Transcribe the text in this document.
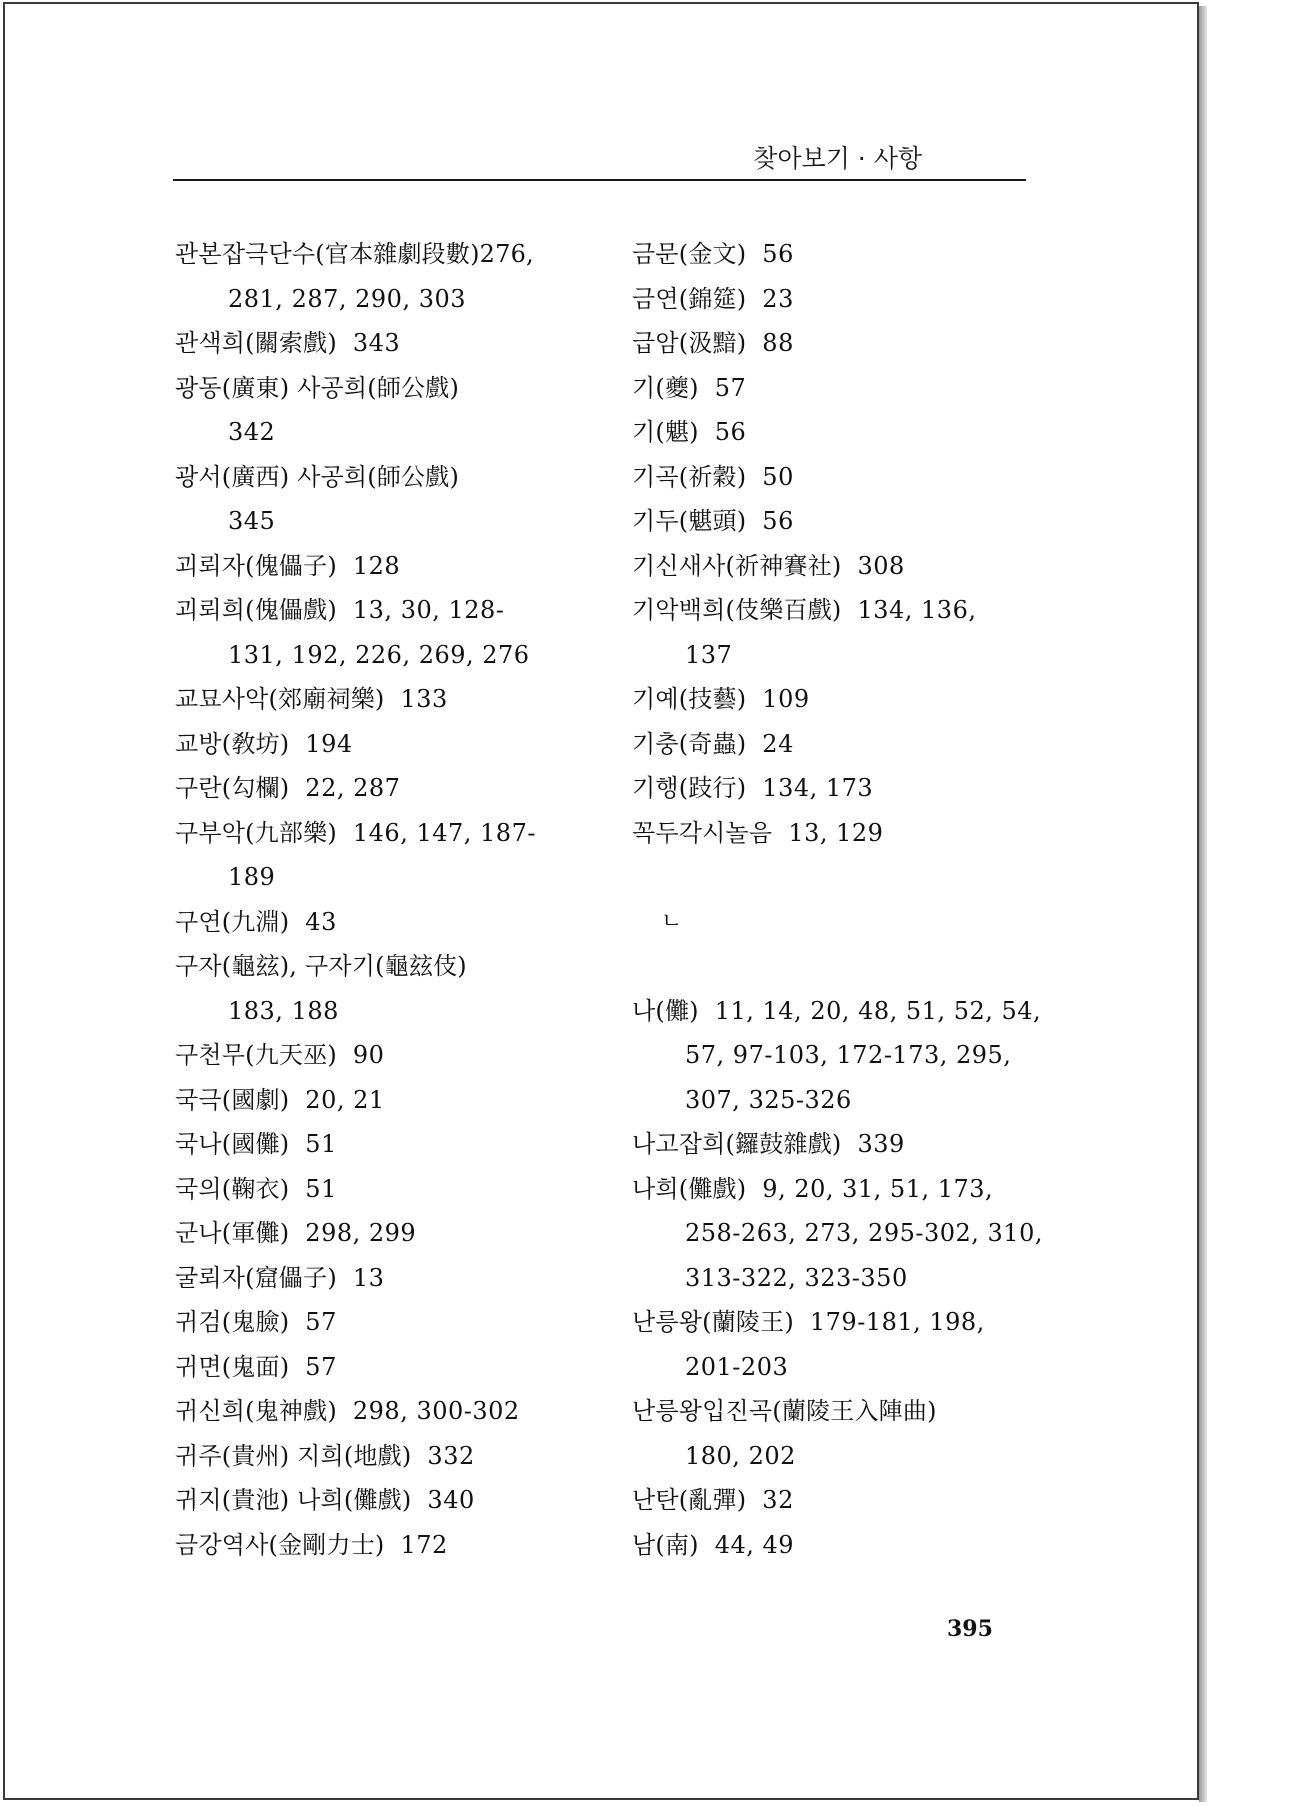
찾아보기 · 사항
관본잡극단수(官本雜劇段數)276,
281, 287, 290, 303
관색희(關索戲) 343
광동(廣東) 사공희(師公戲)
342
광서(廣西) 사공희(師公戲)
345
괴뢰자(傀儡子) 128
괴뢰희(傀儡戲) 13, 30, 128-
131, 192, 226, 269, 276
교묘사악(郊廟祠樂) 133
교방(敎坊) 194
구란(勾欄) 22, 287
구부악(九部樂) 146, 147, 187-
189
구연(九淵) 43
구자(龜玆), 구자기(龜玆伎)
183, 188
구천무(九天巫) 90
국극(國劇) 20, 21
국나(國儺) 51
국의(鞠衣) 51
군나(軍儺) 298, 299
굴뢰자(窟儡子) 13
귀검(鬼臉) 57
귀면(鬼面) 57
귀신희(鬼神戲) 298, 300-302
귀주(貴州) 지희(地戲) 332
귀지(貴池) 나희(儺戲) 340
금강역사(金剛力士) 172
금문(金文) 56
금연(錦筵) 23
급암(汲黯) 88
기(夔) 57
기(魌) 56
기곡(祈穀) 50
기두(魌頭) 56
기신새사(祈神賽社) 308
기악백희(伎樂百戲) 134, 136,
137
기예(技藝) 109
기충(奇蟲) 24
기행(跂行) 134, 173
꼭두각시놀음 13, 129
ㄴ
나(儺) 11, 14, 20, 48, 51, 52, 54,
57, 97-103, 172-173, 295,
307, 325-326
나고잡희(鑼鼓雜戲) 339
나희(儺戲) 9, 20, 31, 51, 173,
258-263, 273, 295-302, 310,
313-322, 323-350
난릉왕(蘭陵王) 179-181, 198,
201-203
난릉왕입진곡(蘭陵王入陣曲)
180, 202
난탄(亂彈) 32
남(南) 44, 49
395
